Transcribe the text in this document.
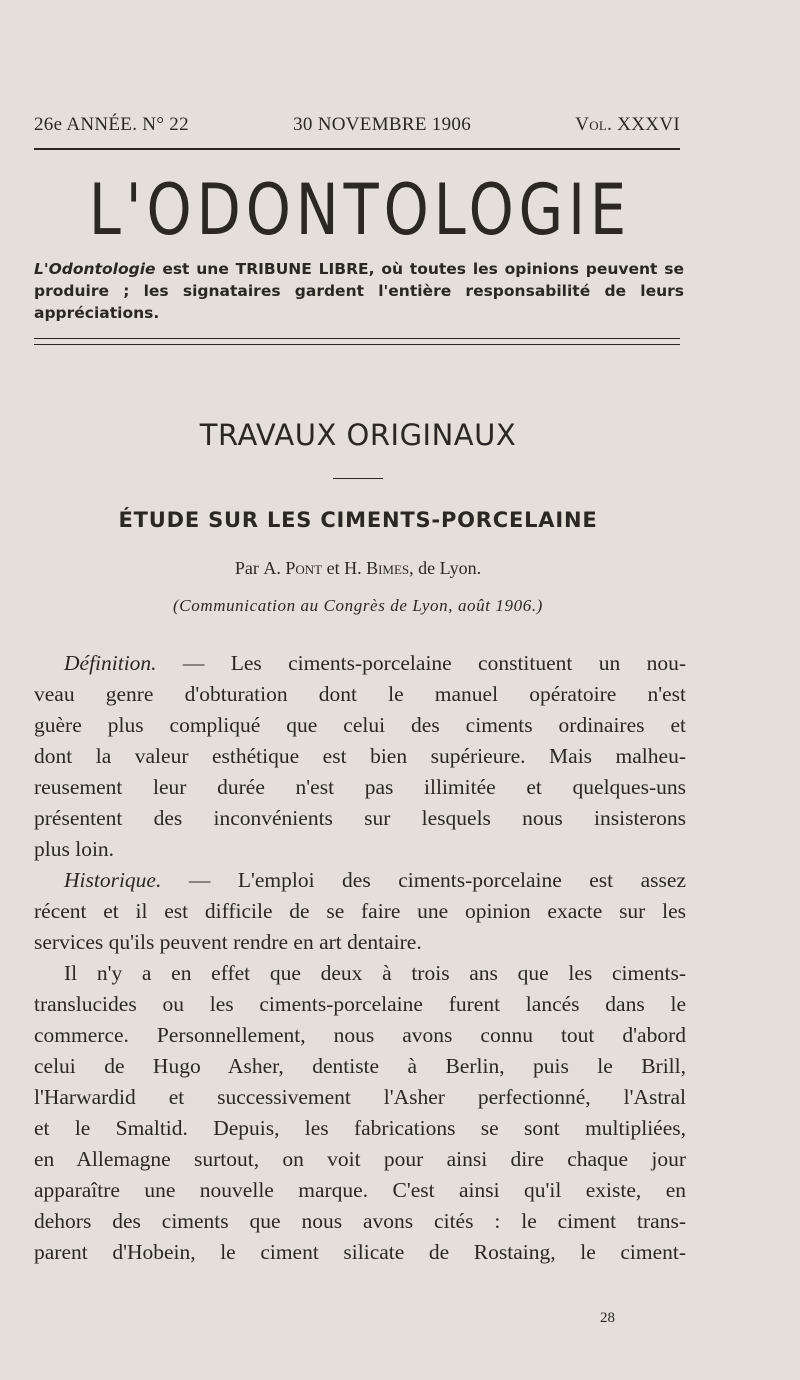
26e ANNÉE. N° 22	30 NOVEMBRE 1906	Vol. XXXVI
L'ODONTOLOGIE
L'Odontologie est une TRIBUNE LIBRE, où toutes les opinions peuvent se produire ; les signataires gardent l'entière responsabilité de leurs appréciations.
TRAVAUX ORIGINAUX
ÉTUDE SUR LES CIMENTS-PORCELAINE
Par A. Pont et H. Bimes, de Lyon.
(Communication au Congrès de Lyon, août 1906.)
Définition. — Les ciments-porcelaine constituent un nou-
veau genre d'obturation dont le manuel opératoire n'est
guère plus compliqué que celui des ciments ordinaires et
dont la valeur esthétique est bien supérieure. Mais malheu-
reusement leur durée n'est pas illimitée et quelques-uns
présentent des inconvénients sur lesquels nous insisterons
plus loin.
Historique. — L'emploi des ciments-porcelaine est assez
récent et il est difficile de se faire une opinion exacte sur les
services qu'ils peuvent rendre en art dentaire.
Il n'y a en effet que deux à trois ans que les ciments-
translucides ou les ciments-porcelaine furent lancés dans le
commerce. Personnellement, nous avons connu tout d'abord
celui de Hugo Asher, dentiste à Berlin, puis le Brill,
l'Harwardid et successivement l'Asher perfectionné, l'Astral
et le Smaltid. Depuis, les fabrications se sont multipliées,
en Allemagne surtout, on voit pour ainsi dire chaque jour
apparaître une nouvelle marque. C'est ainsi qu'il existe, en
dehors des ciments que nous avons cités : le ciment trans-
parent d'Hobein, le ciment silicate de Rostaing, le ciment-
28
